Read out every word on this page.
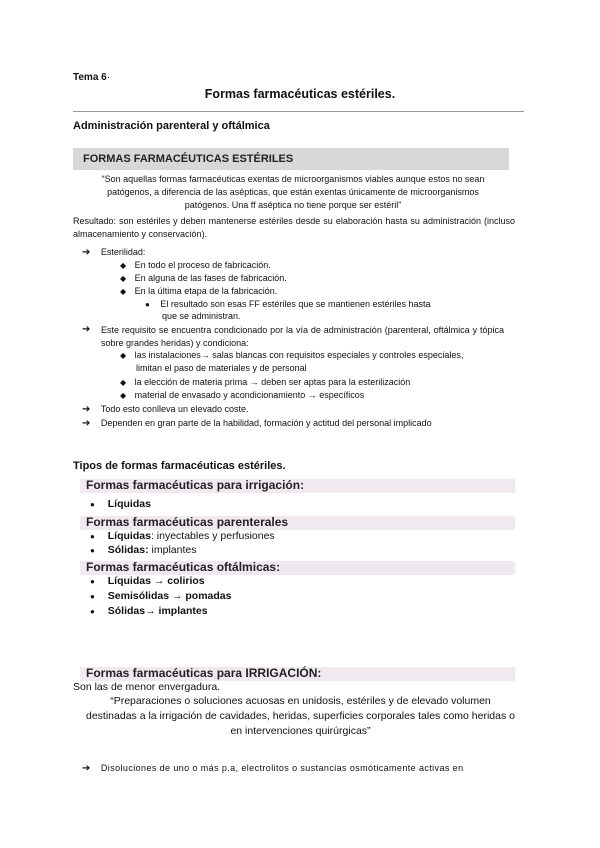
Tema 6·
Formas farmacéuticas estériles.
Administración parenteral y oftálmica
FORMAS FARMACÉUTICAS ESTÉRILES
“Son aquellas formas farmacéuticas exentas de microorganismos viables aunque estos no sean
patógenos, a diferencia de las asépticas, que están exentas únicamente de microorganismos
patógenos. Una ff aséptica no tiene porque ser estéril”
Resultado: son estériles y deben mantenerse estériles desde su elaboración hasta su administración (incluso almacenamiento y conservación).
➔ Esterilidad:
◆ En todo el proceso de fabricación.
◆ En alguna de las fases de fabricación.
◆ En la última etapa de la fabricación.
● El resultado son esas FF estériles que se mantienen estériles hasta
que se administran.
➔ Este requisito se encuentra condicionado por la vía de administración (parenteral, oftálmica y tópica sobre grandes heridas) y condiciona:
◆ las instalaciones→ salas blancas con requisitos especiales y controles especiales,
limitan el paso de materiales y de personal
◆ la elección de materia prima → deben ser aptas para la esterilización
◆ material de envasado y acondicionamiento → específicos
➔ Todo esto conlleva un elevado coste.
➔ Dependen en gran parte de la habilidad, formación y actitud del personal implicado
Tipos de formas farmacéuticas estériles.
Formas farmacéuticas para irrigación:
● Líquidas
Formas farmacéuticas parenterales
● Líquidas: inyectables y perfusiones
● Sólidas: implantes
Formas farmacéuticas oftálmicas:
● Líquidas → colirios
● Semisólidas → pomadas
● Sólidas→ implantes
Formas farmacéuticas para IRRIGACIÓN:
Son las de menor envergadura.
“Preparaciones o soluciones acuosas en unidosis, estériles y de elevado volumen
destinadas a la irrigación de cavidades, heridas, superficies corporales tales como heridas o
en intervenciones quirúrgicas”
➔ Disoluciones de uno o más p.a, electrolitos o sustancias osmóticamente activas en
